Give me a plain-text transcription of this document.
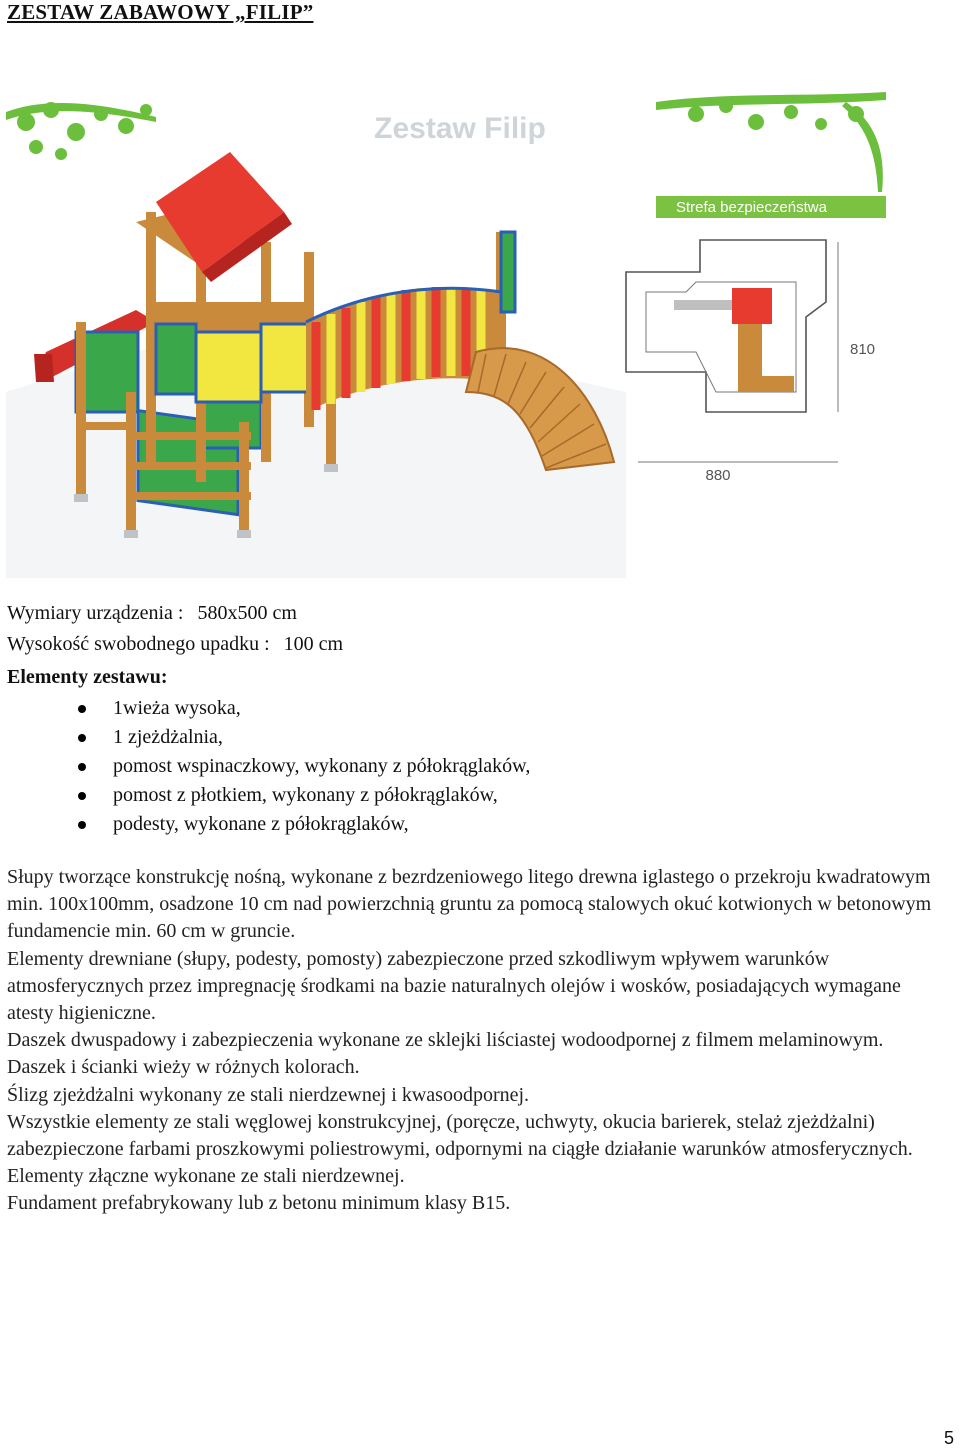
ZESTAW ZABAWOWY „FILIP”
Zestaw Filip
Strefa bezpieczeństwa
810
880
Wymiary urządzenia : 580x500 cm
Wysokość swobodnego upadku : 100 cm
Elementy zestawu:
1wieża wysoka,
1 zjeżdżalnia,
pomost wspinaczkowy, wykonany z półokrąglaków,
pomost z płotkiem, wykonany z półokrąglaków,
podesty, wykonane z półokrąglaków,

Słupy tworzące konstrukcję nośną, wykonane z bezrdzeniowego litego drewna iglastego o przekroju kwadratowym min. 100x100mm, osadzone 10 cm nad powierzchnią gruntu za pomocą stalowych okuć kotwionych w betonowym fundamencie min. 60 cm w gruncie.

Elementy drewniane (słupy, podesty, pomosty) zabezpieczone przed szkodliwym wpływem warunków atmosferycznych przez impregnację środkami na bazie naturalnych olejów i wosków, posiadających wymagane atesty higieniczne.

Daszek dwuspadowy i zabezpieczenia wykonane ze sklejki liściastej wodoodpornej z filmem melaminowym. Daszek i ścianki wieży w różnych kolorach.

Ślizg zjeżdżalni wykonany ze stali nierdzewnej i kwasoodpornej.

Wszystkie elementy ze stali węglowej konstrukcyjnej, (poręcze, uchwyty, okucia barierek, stelaż zjeżdżalni) zabezpieczone farbami proszkowymi poliestrowymi, odpornymi na ciągłe działanie warunków atmosferycznych.

Elementy złączne wykonane ze stali nierdzewnej.

Fundament prefabrykowany lub z betonu minimum klasy B15.

5
